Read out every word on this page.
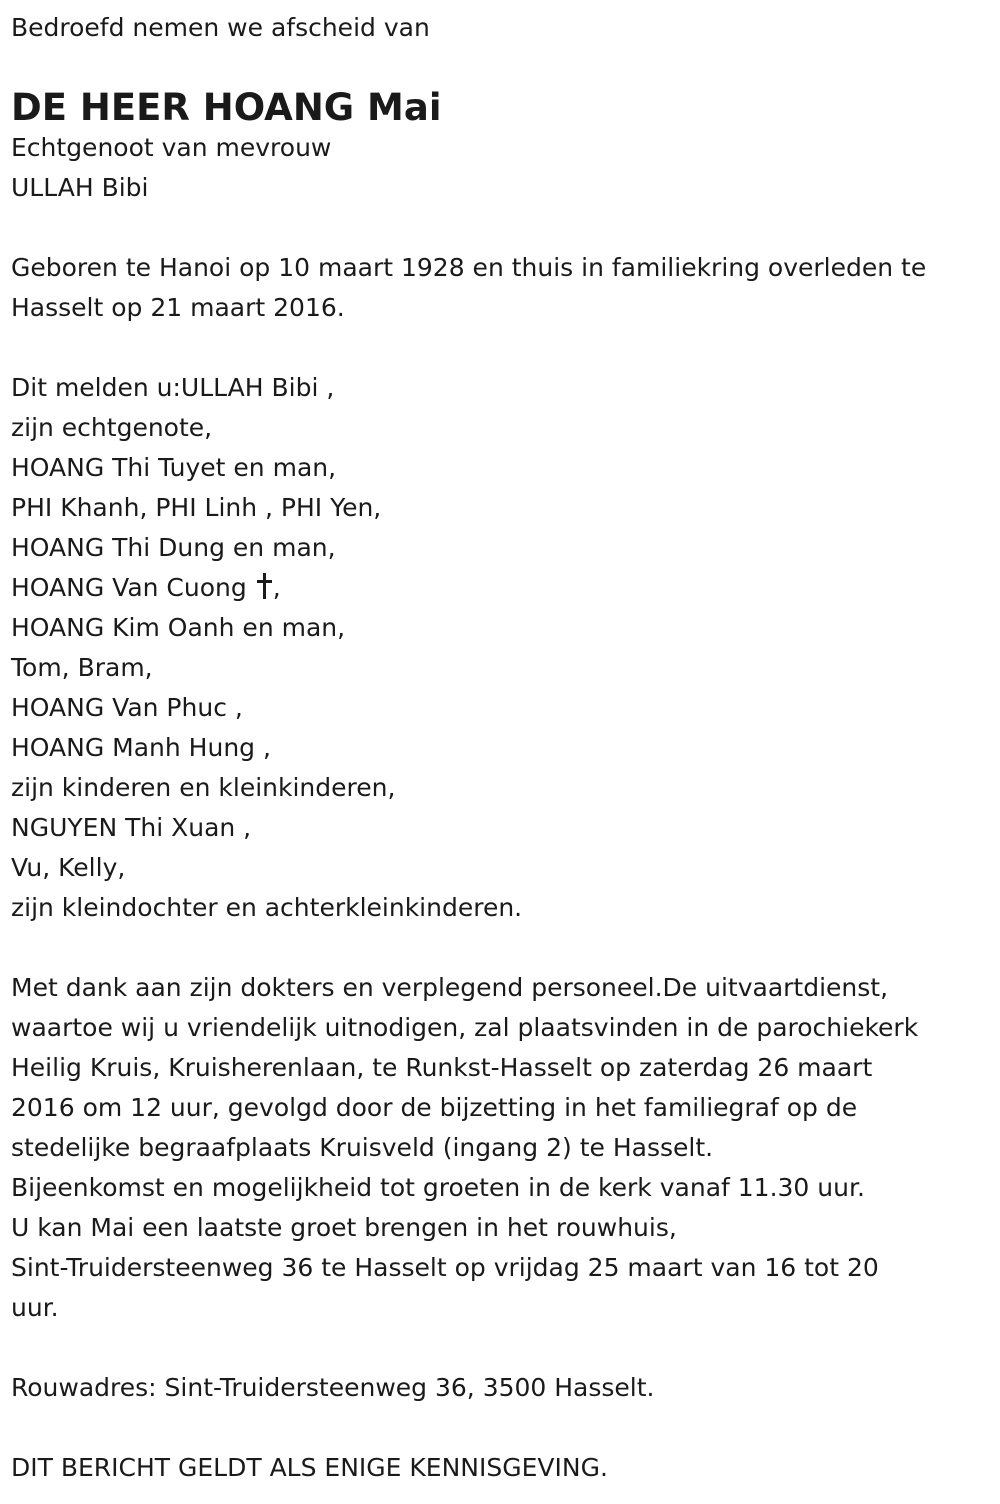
Bedroefd nemen we afscheid van
DE HEER HOANG Mai
Echtgenoot van mevrouw
ULLAH Bibi
Geboren te Hanoi op 10 maart 1928 en thuis in familiekring overleden te
Hasselt op 21 maart 2016.
Dit melden u:ULLAH Bibi ,
zijn echtgenote,
HOANG Thi Tuyet en man,
PHI Khanh, PHI Linh , PHI Yen,
HOANG Thi Dung en man,
HOANG Van Cuong ,
HOANG Kim Oanh en man,
Tom, Bram,
HOANG Van Phuc ,
HOANG Manh Hung ,
zijn kinderen en kleinkinderen,
NGUYEN Thi Xuan ,
Vu, Kelly,
zijn kleindochter en achterkleinkinderen.
Met dank aan zijn dokters en verplegend personeel.De uitvaartdienst,
waartoe wij u vriendelijk uitnodigen, zal plaatsvinden in de parochiekerk
Heilig Kruis, Kruisherenlaan, te Runkst-Hasselt op zaterdag 26 maart
2016 om 12 uur, gevolgd door de bijzetting in het familiegraf op de
stedelijke begraafplaats Kruisveld (ingang 2) te Hasselt.
Bijeenkomst en mogelijkheid tot groeten in de kerk vanaf 11.30 uur.
U kan Mai een laatste groet brengen in het rouwhuis,
Sint-Truidersteenweg 36 te Hasselt op vrijdag 25 maart van 16 tot 20
uur.
Rouwadres: Sint-Truidersteenweg 36, 3500 Hasselt.
DIT BERICHT GELDT ALS ENIGE KENNISGEVING.
